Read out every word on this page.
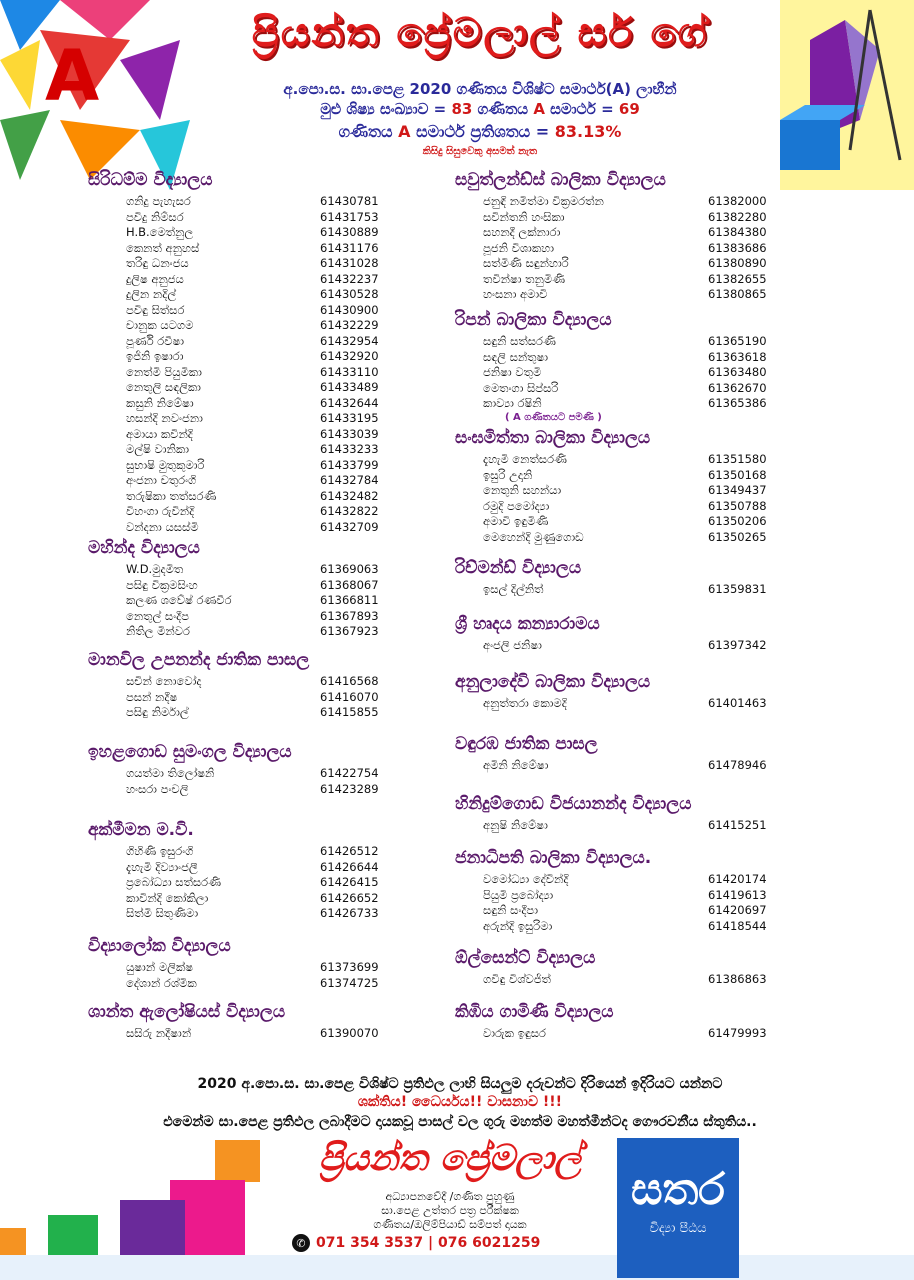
A
ප්‍රියන්ත ප්‍රේමලාල් සර් ගේ
අ.පො.ස. සා.පෙළ 2020 ගණිතය විශිෂ්ට සමාර්ථ(A) ලාභීන්
මුළු ශිෂ්‍ය සංඛ්‍යාව = 83 ගණිතය A සමාර්ථ = 69
ගණිතය A සමාර්ථ ප්‍රතිශතය = 83.13%
කිසිදු සිසුවෙකු අසමත් නැත
සිරිධම්ම විද්‍යාලය
ගනිදු පැහැසර	61430781
පවිදු නිම්සර	61431753
H.B.මෙත්නුල	61430889
කෙනත් අනුහස්	61431176
තරිඳු ධනංජය	61431028
දුලිෂ අනුජය	61432237
දුලින නදිල්	61430528
පවිඳු සිත්සර	61430900
චානුක යටගම	61432229
පූර්ණි රවීෂා	61432954
ඉජිනි ඉෂාරා	61432920
නෙත්මි පියුමිකා	61433110
නෙතුලි සඳලිකා	61433489
කසුනි නිමේෂා	61432644
හසන්දි නවංජනා	61433195
අමායා කවින්දි	61433039
මල්ෂි වානිකා	61433233
සුභාෂි මුතුකුමාරි	61433799
අංජනා චතුරංගි	61432784
තරුෂිකා තත්සරණි	61432482
විහංගා රුවින්දි	61432822
වන්දනා යසස්මි	61432709
මහින්ද විද්‍යාලය
W.D.මුදමිත	61369063
පසිඳු වික්‍රමසිංහ	61368067
කලණ ශවේෂ් රණවීර	61366811
නෙතුල් සංදීප	61367893
නිතිල මින්වර	61367923
මානවිල උපනන්ද ජාතික පාසල
සචින් නොවෝද	61416568
පසන් නදීෂ	61416070
පසිඳු නිර්මාල්	61415855
ඉහළගොඩ සුමංගල විද්‍යාලය
ගයත්මා තිලෝෂනි	61422754
හංසරා පංචලි	61423289
අක්මීමන ම.වි.
ගිහිණි ඉසුරංගි	61426512
දැහැමි දිව්‍යාංජලී	61426644
ප්‍රබෝධ්‍යා සත්සරණි	61426415
කාවින්දි කෝකිලා	61426652
සිත්මි සිතුණිමා	61426733
විද්‍යාලෝක විද්‍යාලය
යුෂාන් මලික්ෂ	61373699
දේශාන් රශ්මික	61374725
ශාන්ත ඇලෝෂියස් විද්‍යාලය
සසිරු නදීෂාන්	61390070
සවුත්ලන්ඩ්ස් බාලිකා විද්‍යාලය
ජනුඳි නමිත්මා වික්‍රමරත්න	61382000
සවින්තනි හංසිකා	61382280
සහනදී ලක්නාරා	61384380
පූජනි විශාකහා	61383686
සත්මිණි සඳුන්හාරි	61380890
තවින්ෂා තනුමිණි	61382655
හංසනා අමාවි	61380865
රිපන් බාලිකා විද්‍යාලය
සඳුනි සත්සරණි	61365190
සඳලි සන්තුෂා	61363618
ජනිෂා වතුමි	61363480
මෙතංගා සිප්සරි	61362670
කාව්‍යා රෂිනි	61365386
( A ගණිතයට පමණි )
සංඝමිත්තා බාලිකා විද්‍යාලය
දැහැමි නෙත්සරණි	61351580
ඉසුරි උදානි	61350168
නෙතුනි සහන්යා	61349437
රමුදි පමෝද්‍යා	61350788
අමාවි ඉඳුමිණි	61350206
මෙහෙන්දි මුණුගොඩ	61350265
රිච්මන්ඩ් විද්‍යාලය
ඉසල් දිල්නිත්	61359831
ශ්‍රී හෘදය කන්‍යාරාමය
අංජලි ජනිෂා	61397342
අනුලාදේවි බාලිකා විද්‍යාලය
අනුත්තරා කොමදි	61401463
වඳුරඹ ජාතික පාසල
අමිනි නිමේෂා	61478946
හිනිදුම්ගොඩ විජයානන්ද විද්‍යාලය
අනුෂි නිමේෂා	61415251
ජනාධිපති බාලිකා විද්‍යාලය.
වමෝධ්‍යා දේවින්දි	61420174
පියුමි ප්‍රබෝද්‍යා	61419613
සඳුනි සංදීපා	61420697
අරුන්දි ඉසුරිමා	61418544
ඕල්සෙන්ට් විද්‍යාලය
ගවිඳු විශ්වජිත්	61386863
කිඹිය ගාමිණී විද්‍යාලය
වාරුක ඉඳුසර	61479993
2020 අ.පො.ස. සා.පෙළ විශිෂ්ට ප්‍රතිඵල ලාභි සියලුම දරුවන්ට දිරියෙන් ඉදිරියට යන්නට
ශක්තිය! ධෛර්යය!! වාසනාව !!!
එමෙන්ම සා.පෙළ ප්‍රතිඵල ලබාදීමට දායකවූ පාසල් වල ගුරු මහත්ම මහත්මීන්ටද ගෞරවනීය ස්තුතිය..
ප්‍රියන්ත ප්‍රේමලාල්
අධ්‍යාපනවේදී /ගණිත පුහුණු
සා.පෙළ උත්තර පත්‍ර පරීක්ෂක
ගණිතය/ඔලිම්පියාඩ් සම්පත් දායක
✆ 071 354 3537 | 076 6021259
සතර
විද්‍යා පීඨය
